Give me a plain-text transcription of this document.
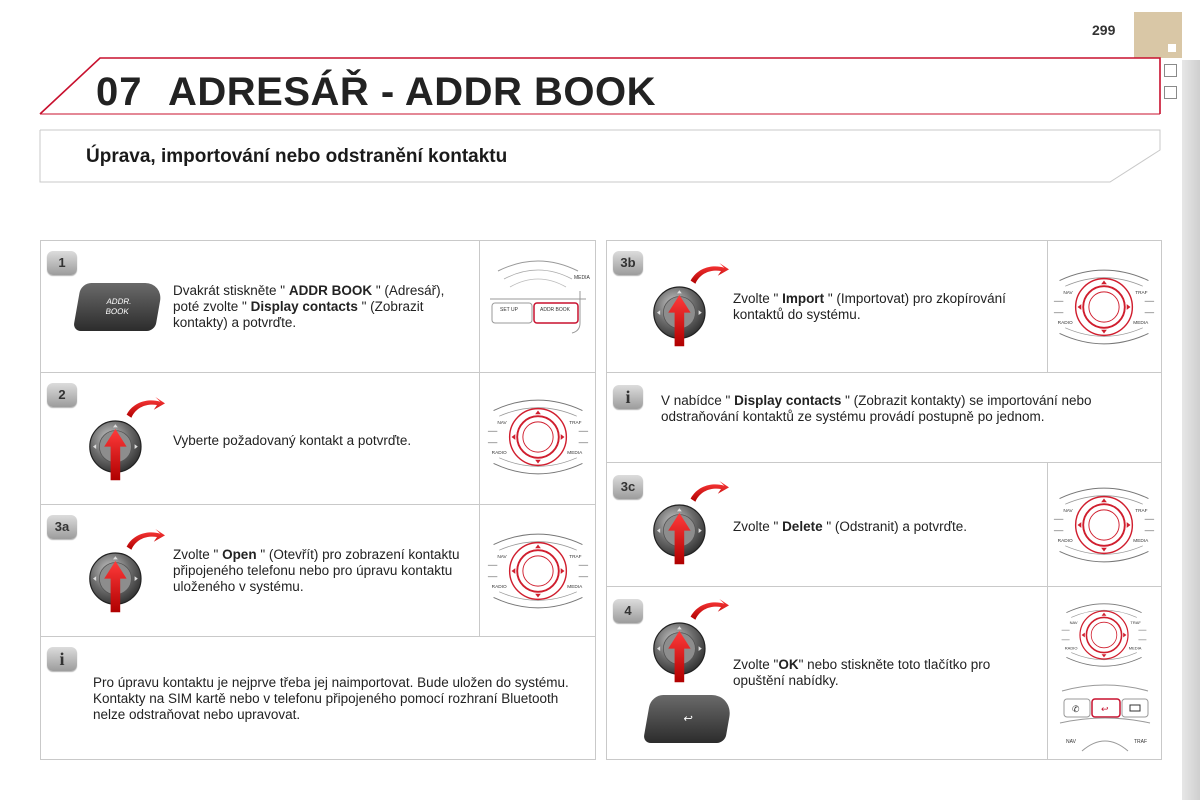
299
07 ADRESÁŘ - ADDR BOOK
Úprava, importování nebo odstranění kontaktu
1
ADDR.
BOOK
Dvakrát stiskněte " ADDR BOOK " (Adresář), poté zvolte " Display contacts " (Zobrazit kontakty) a potvrďte.
MEDIA
SET UP	ADDR BOOK
2
Vyberte požadovaný kontakt a potvrďte.
3a
Zvolte " Open " (Otevřít) pro zobrazení kontaktu připojeného telefonu nebo pro úpravu kontaktu uloženého v systému.
i
Pro úpravu kontaktu je nejprve třeba jej naimportovat. Bude uložen do systému. Kontakty na SIM kartě nebo v telefonu připojeného pomocí rozhraní Bluetooth nelze odstraňovat nebo upravovat.
3b
Zvolte " Import " (Importovat) pro zkopírování kontaktů do systému.
i	V nabídce " Display contacts " (Zobrazit kontakty) se importování nebo odstraňování kontaktů ze systému provádí postupně po jednom.
3c
Zvolte " Delete " (Odstranit) a potvrďte.
4
↩
Zvolte "OK" nebo stiskněte toto tlačítko pro opuštění nabídky.
✆ ↩
NAV	TRAF
